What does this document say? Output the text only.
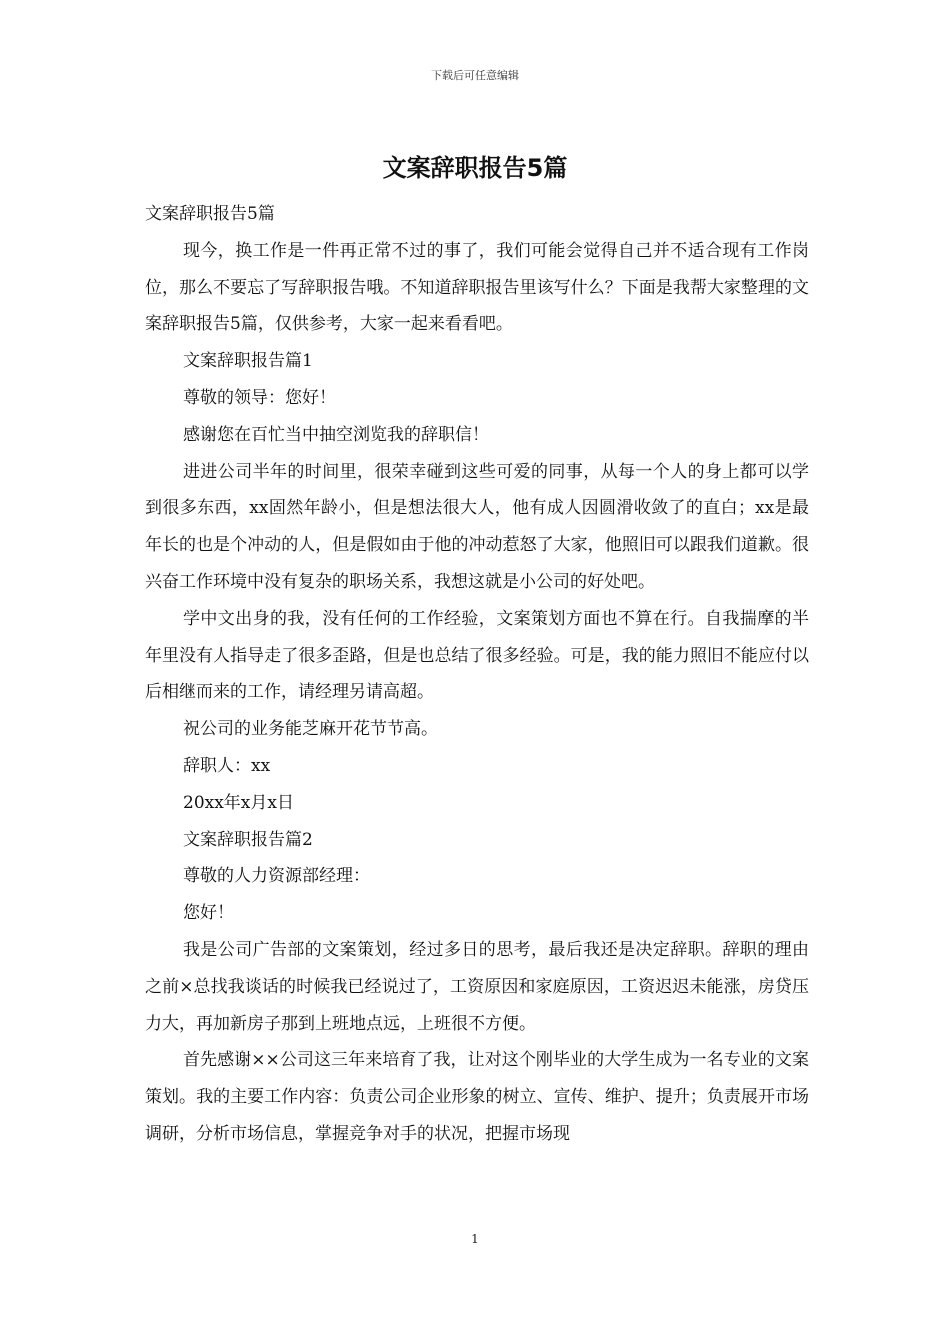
下载后可任意编辑
文案辞职报告5篇

文案辞职报告5篇

现今，换工作是一件再正常不过的事了，我们可能会觉得自己并不适合现有工作岗位，那么不要忘了写辞职报告哦。不知道辞职报告里该写什么？下面是我帮大家整理的文案辞职报告5篇，仅供参考，大家一起来看看吧。

文案辞职报告篇1

尊敬的领导：您好！

感谢您在百忙当中抽空浏览我的辞职信！

进进公司半年的时间里，很荣幸碰到这些可爱的同事，从每一个人的身上都可以学到很多东西，xx固然年龄小，但是想法很大人，他有成人因圆滑收敛了的直白；xx是最年长的也是个冲动的人，但是假如由于他的冲动惹怒了大家，他照旧可以跟我们道歉。很兴奋工作环境中没有复杂的职场关系，我想这就是小公司的好处吧。

学中文出身的我，没有任何的工作经验，文案策划方面也不算在行。自我揣摩的半年里没有人指导走了很多歪路，但是也总结了很多经验。可是，我的能力照旧不能应付以后相继而来的工作，请经理另请高超。

祝公司的业务能芝麻开花节节高。

辞职人：xx

20xx年x月x日

文案辞职报告篇2

尊敬的人力资源部经理：

您好！

我是公司广告部的文案策划，经过多日的思考，最后我还是决定辞职。辞职的理由之前×总找我谈话的时候我已经说过了，工资原因和家庭原因，工资迟迟未能涨，房贷压力大，再加新房子那到上班地点远，上班很不方便。

首先感谢××公司这三年来培育了我，让对这个刚毕业的大学生成为一名专业的文案策划。我的主要工作内容：负责公司企业形象的树立、宣传、维护、提升；负责展开市场调研，分析市场信息，掌握竞争对手的状况，把握市场现

1
